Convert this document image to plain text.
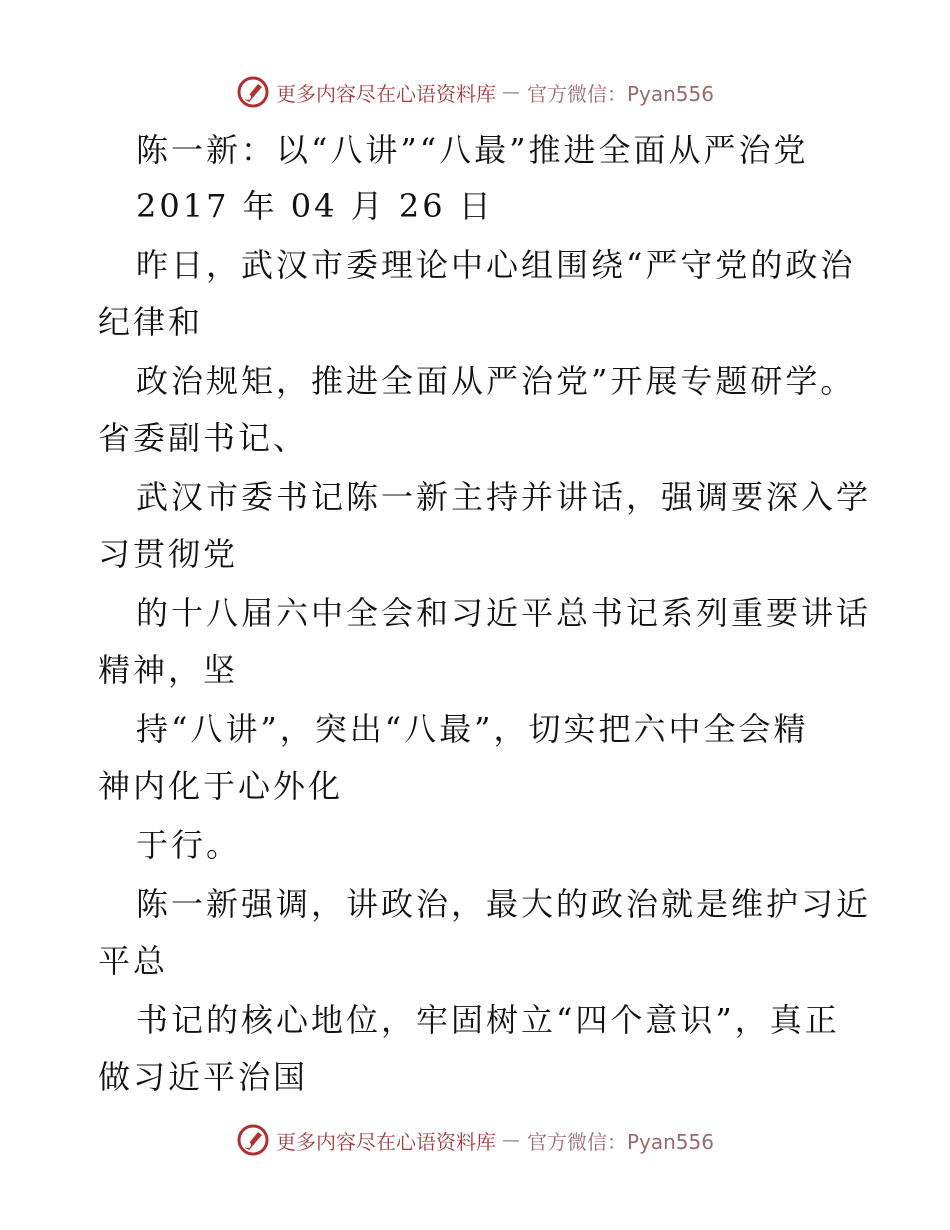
更多内容尽在心语资料库 — 官方微信：Pyan556
陈一新：以“八讲”“八最”推进全面从严治党
2017 年 04 月 26 日
昨日，武汉市委理论中心组围绕“严守党的政治
纪律和
政治规矩，推进全面从严治党”开展专题研学。
省委副书记、
武汉市委书记陈一新主持并讲话，强调要深入学
习贯彻党
的十八届六中全会和习近平总书记系列重要讲话
精神，坚
持“八讲”，突出“八最”，切实把六中全会精
神内化于心外化
于行。
陈一新强调，讲政治，最大的政治就是维护习近
平总
书记的核心地位，牢固树立“四个意识”，真正
做习近平治国
更多内容尽在心语资料库 — 官方微信：Pyan556
